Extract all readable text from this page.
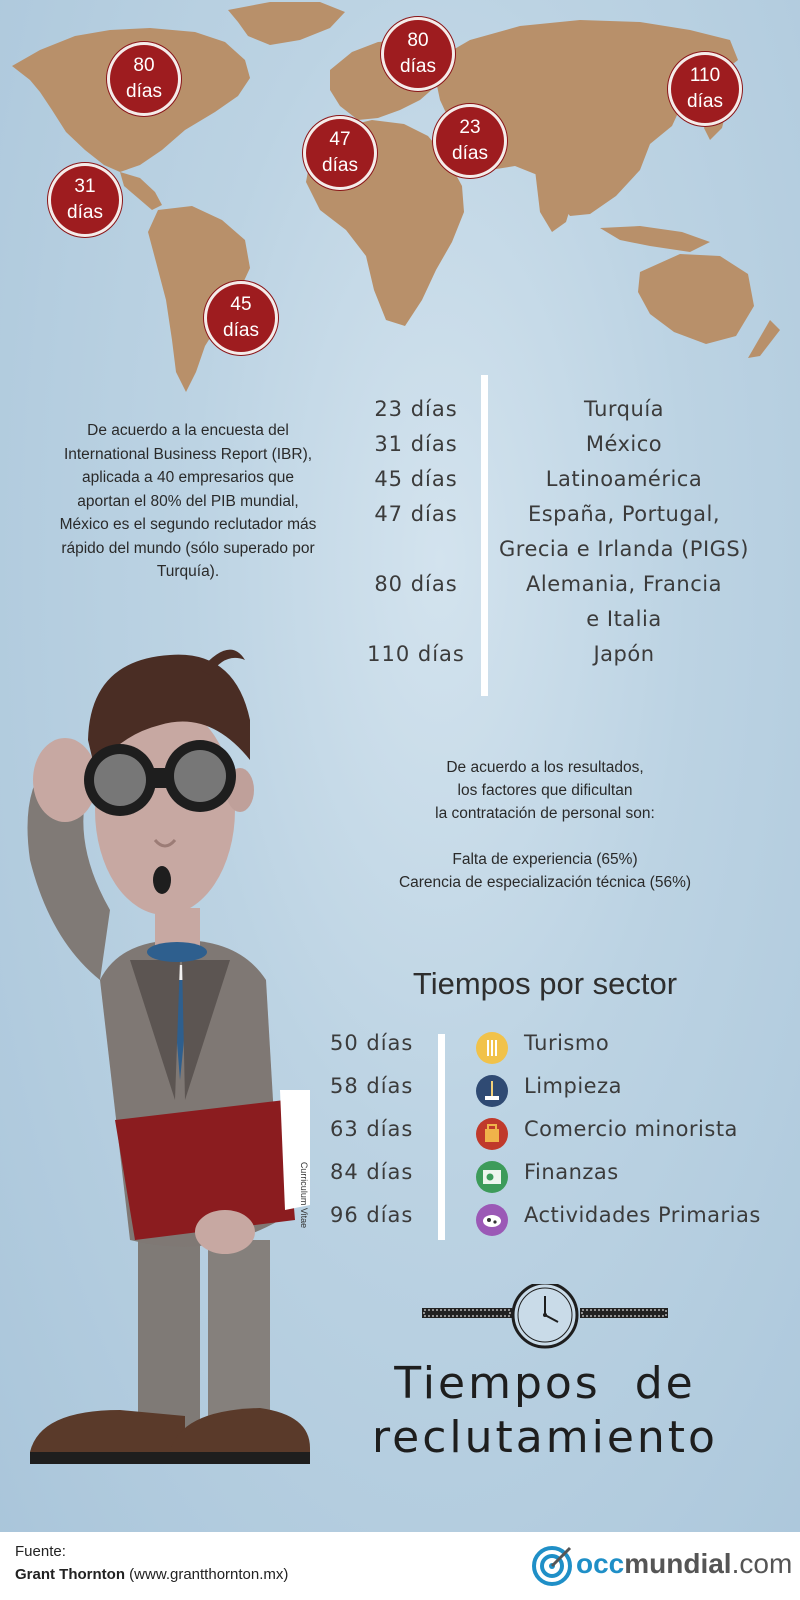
80
días
80
días	110
días
47
días
23
días
31
días
45
días
De acuerdo a la encuesta del International Business Report (IBR), aplicada a 40 empresarios que aportan el 80% del PIB mundial, México es el segundo reclutador más rápido del mundo (sólo superado por Turquía).
23 días	Turquía
31 días	México
45 días	Latinoamérica
47 días	España, Portugal,
Grecia e Irlanda (PIGS)
80 días	Alemania, Francia
e Italia
110 días	Japón
De acuerdo a los resultados,
los factores que dificultan
la contratación de personal son:
Falta de experiencia (65%)
Carencia de especialización técnica (56%)
Tiempos por sector
50 días	Turismo
58 días	Limpieza
63 días	Comercio minorista
84 días	Finanzas
96 días	Actividades Primarias
Tiempos  de
reclutamiento
Curriculum Vitae
Fuente:
Grant Thornton (www.grantthornton.mx)	occmundial.com
